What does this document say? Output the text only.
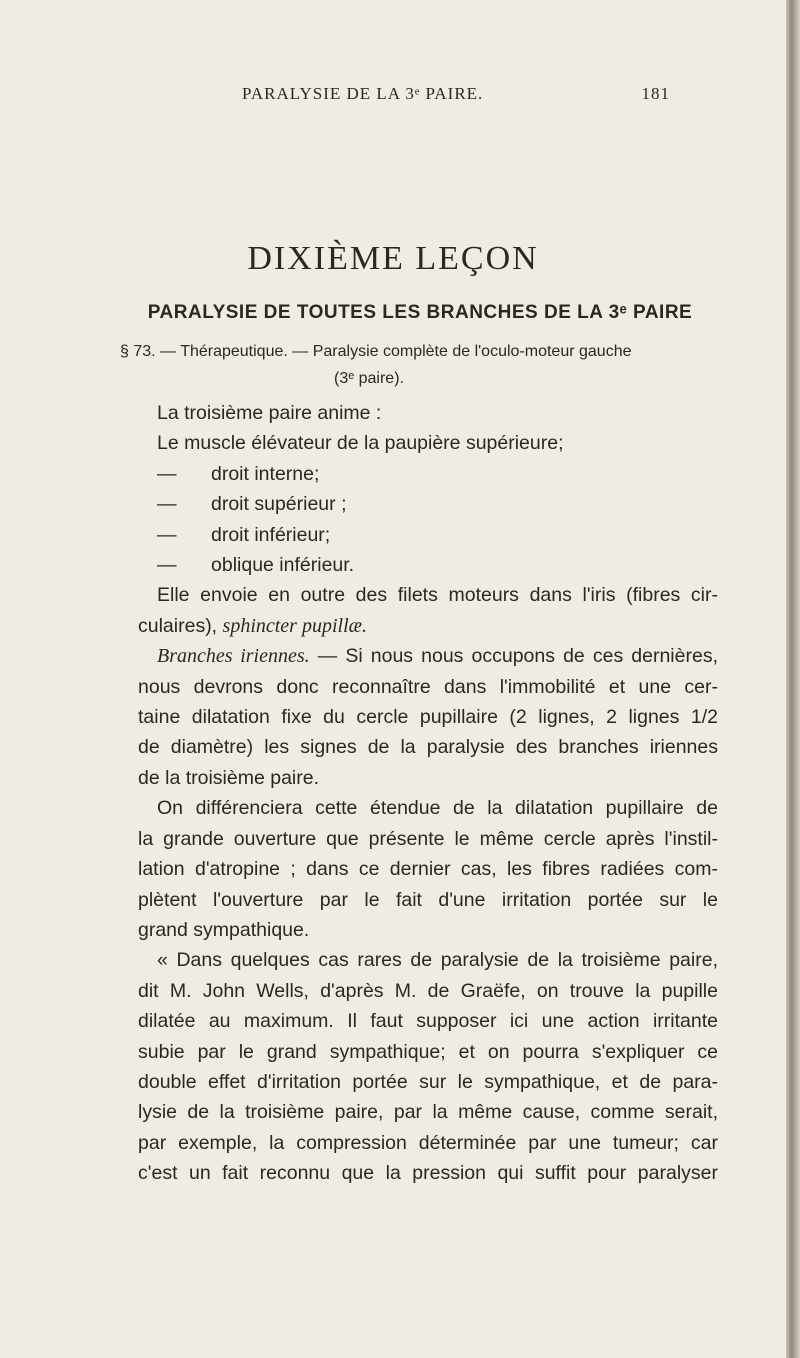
PARALYSIE DE LA 3ᵉ PAIRE.	181
DIXIÈME LEÇON
PARALYSIE DE TOUTES LES BRANCHES DE LA 3ᵉ PAIRE
§ 73. — Thérapeutique. — Paralysie complète de l'oculo-moteur gauche
(3ᵉ paire).

La troisième paire anime :

Le muscle élévateur de la paupière supérieure;

— droit interne;

— droit supérieur ;

— droit inférieur;

— oblique inférieur.

Elle envoie en outre des filets moteurs dans l'iris (fibres cir-

culaires), sphincter pupillæ.

Branches iriennes. — Si nous nous occupons de ces dernières,

nous devrons donc reconnaître dans l'immobilité et une cer-

taine dilatation fixe du cercle pupillaire (2 lignes, 2 lignes 1/2

de diamètre) les signes de la paralysie des branches iriennes

de la troisième paire.

On différenciera cette étendue de la dilatation pupillaire de

la grande ouverture que présente le même cercle après l'instil-

lation d'atropine ; dans ce dernier cas, les fibres radiées com-

plètent l'ouverture par le fait d'une irritation portée sur le

grand sympathique.

« Dans quelques cas rares de paralysie de la troisième paire,

dit M. John Wells, d'après M. de Graëfe, on trouve la pupille

dilatée au maximum. Il faut supposer ici une action irritante

subie par le grand sympathique; et on pourra s'expliquer ce

double effet d'irritation portée sur le sympathique, et de para-

lysie de la troisième paire, par la même cause, comme serait,

par exemple, la compression déterminée par une tumeur; car

c'est un fait reconnu que la pression qui suffit pour paralyser
